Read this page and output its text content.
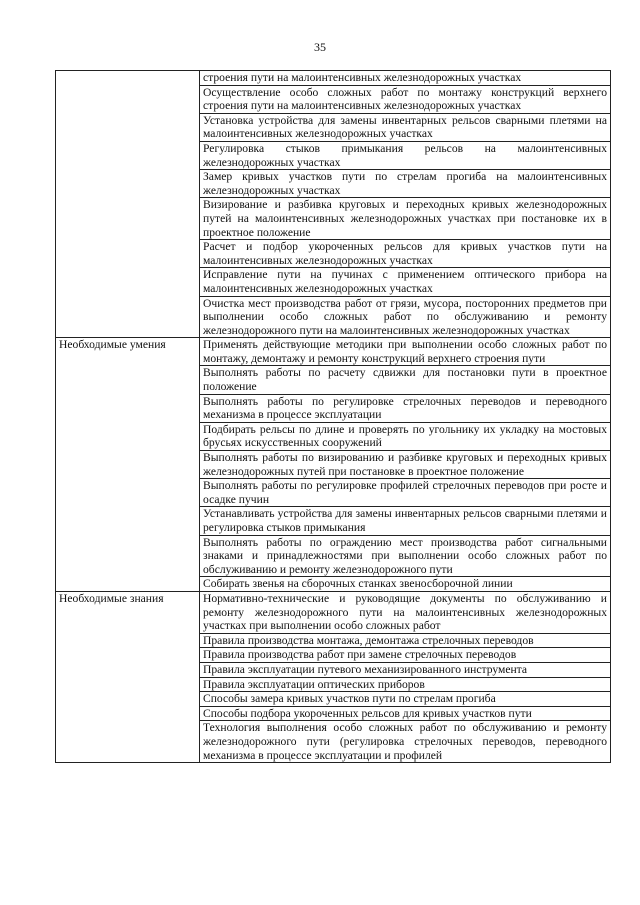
35
	строения пути на малоинтенсивных железнодорожных участках
	Осуществление особо сложных работ по монтажу конструкций верхнего строения пути на малоинтенсивных железнодорожных участках
	Установка устройства для замены инвентарных рельсов сварными плетями на малоинтенсивных железнодорожных участках
	Регулировка стыков примыкания рельсов на малоинтенсивных железнодорожных участках
	Замер кривых участков пути по стрелам прогиба на малоинтенсивных железнодорожных участках
	Визирование и разбивка круговых и переходных кривых железнодорожных путей на малоинтенсивных железнодорожных участках при постановке их в проектное положение
	Расчет и подбор укороченных рельсов для кривых участков пути на малоинтенсивных железнодорожных участках
	Исправление пути на пучинах с применением оптического прибора на малоинтенсивных железнодорожных участках
	Очистка мест производства работ от грязи, мусора, посторонних предметов при выполнении особо сложных работ по обслуживанию и ремонту железнодорожного пути на малоинтенсивных железнодорожных участках
Необходимые умения	Применять действующие методики при выполнении особо сложных работ по монтажу, демонтажу и ремонту конструкций верхнего строения пути
	Выполнять работы по расчету сдвижки для постановки пути в проектное положение
	Выполнять работы по регулировке стрелочных переводов и переводного механизма в процессе эксплуатации
	Подбирать рельсы по длине и проверять по угольнику их укладку на мостовых брусьях искусственных сооружений
	Выполнять работы по визированию и разбивке круговых и переходных кривых железнодорожных путей при постановке в проектное положение
	Выполнять работы по регулировке профилей стрелочных переводов при росте и осадке пучин
	Устанавливать устройства для замены инвентарных рельсов сварными плетями и регулировка стыков примыкания
	Выполнять работы по ограждению мест производства работ сигнальными знаками и принадлежностями при выполнении особо сложных работ по обслуживанию и ремонту железнодорожного пути
	Собирать звенья на сборочных станках звеносборочной линии
Необходимые знания	Нормативно-технические и руководящие документы по обслуживанию и ремонту железнодорожного пути на малоинтенсивных железнодорожных участках при выполнении особо сложных работ
	Правила производства монтажа, демонтажа стрелочных переводов
	Правила производства работ при замене стрелочных переводов
	Правила эксплуатации путевого механизированного инструмента
	Правила эксплуатации оптических приборов
	Способы замера кривых участков пути по стрелам прогиба
	Способы подбора укороченных рельсов для кривых участков пути
	Технология выполнения особо сложных работ по обслуживанию и ремонту железнодорожного пути (регулировка стрелочных переводов, переводного механизма в процессе эксплуатации и профилей
